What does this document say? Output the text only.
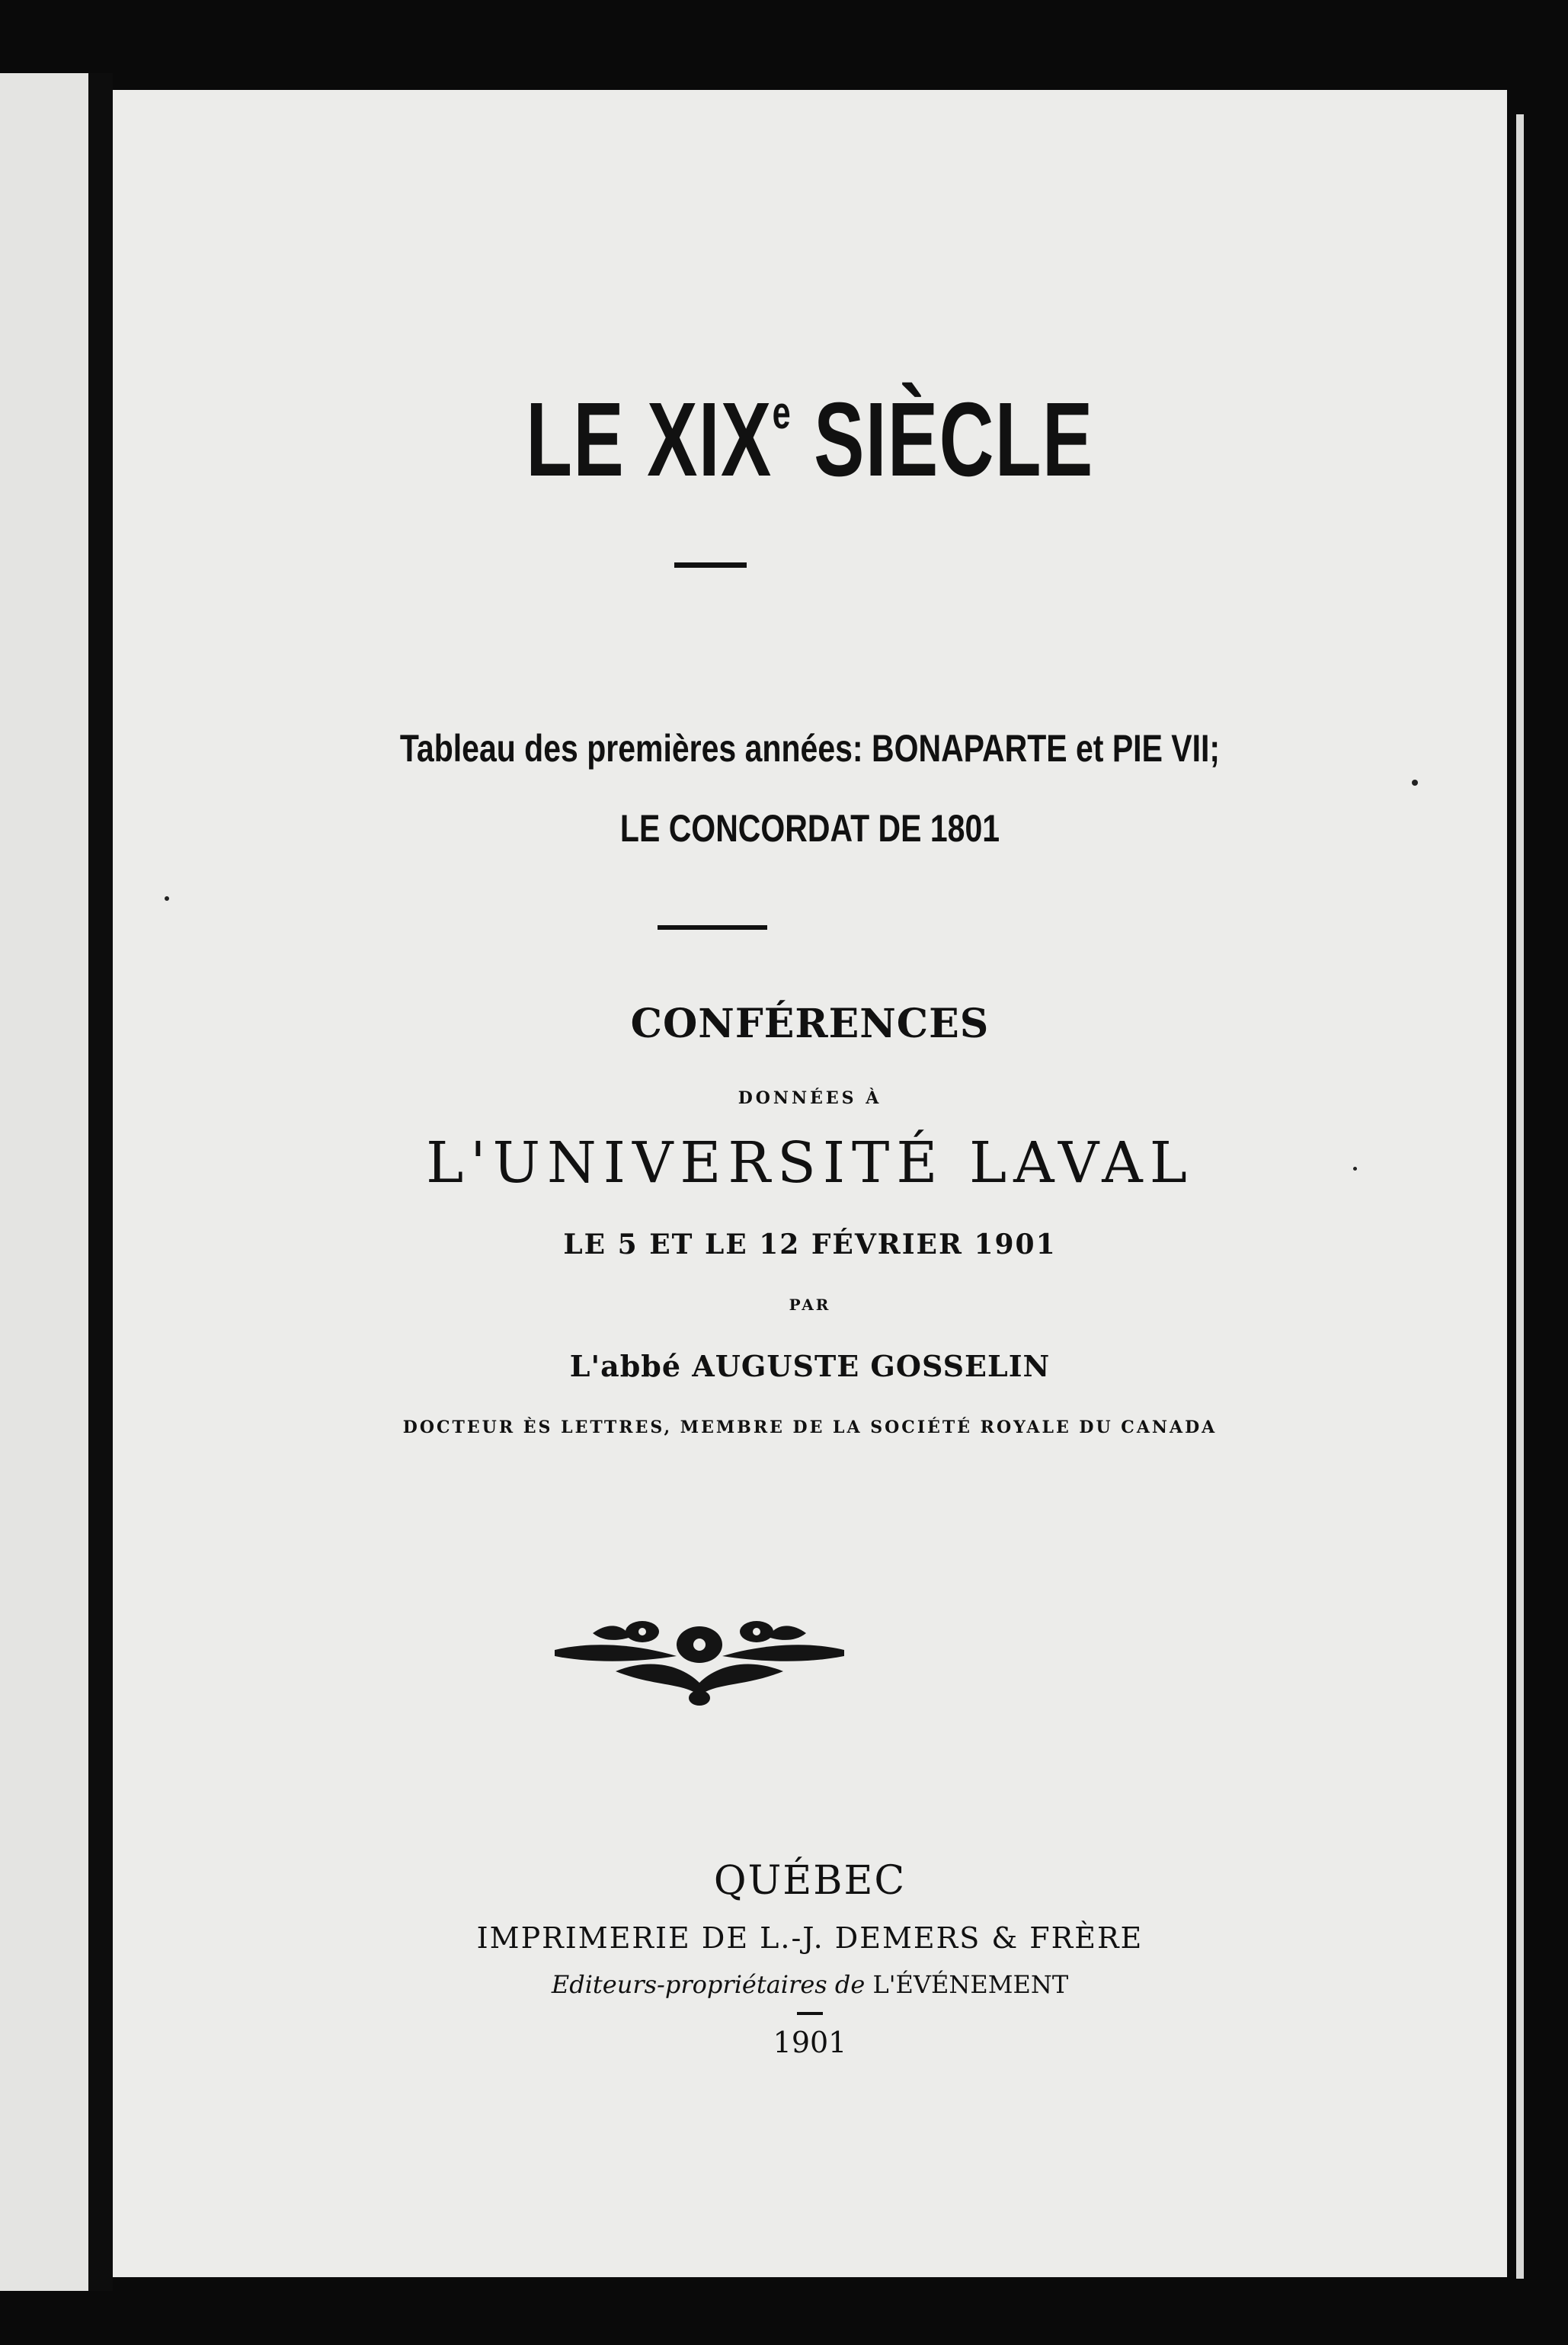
LE XIXe SIÈCLE
Tableau des premières années: BONAPARTE et PIE VII;
LE CONCORDAT DE 1801
CONFÉRENCES
DONNÉES À
L'UNIVERSITÉ LAVAL
LE 5 ET LE 12 FÉVRIER 1901
PAR
L'abbé AUGUSTE GOSSELIN
DOCTEUR ÈS LETTRES, MEMBRE DE LA SOCIÉTÉ ROYALE DU CANADA
QUÉBEC
IMPRIMERIE DE L.-J. DEMERS & FRÈRE
Editeurs-propriétaires de L'ÉVÉNEMENT
1901
